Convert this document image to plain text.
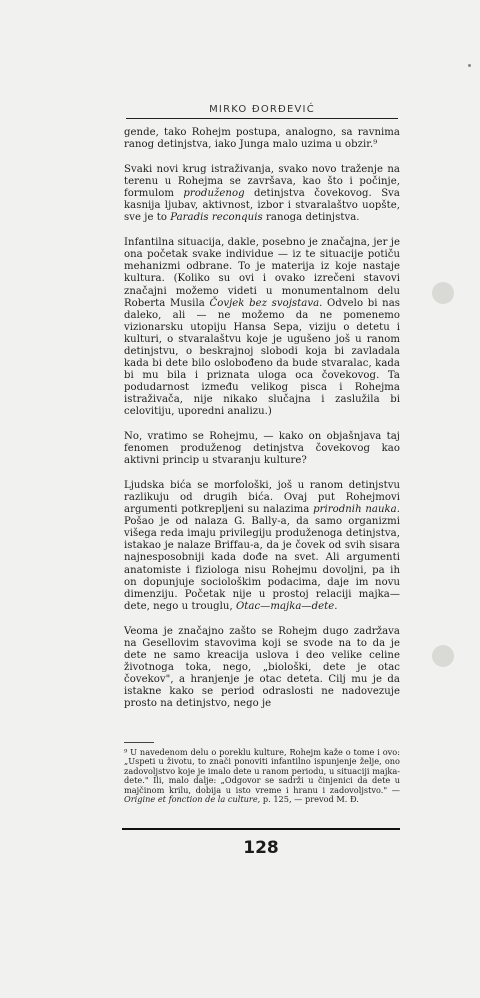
MIRKO ĐORĐEVIĆ

gende, tako Rohejm postupa, analogno, sa ravnima ranog detinjstva, iako Junga malo uzima u obzir.⁹

Svaki novi krug istraživanja, svako novo traženje na terenu u Rohejma se završava, kao što i počinje, formulom produženog detinjstva čovekovog. Sva kasnija ljubav, aktivnost, izbor i stvaralaštvo uopšte, sve je to Paradis reconquis ranoga detinjstva.

Infantilna situacija, dakle, posebno je značajna, jer je ona početak svake individue — iz te situacije potiču mehanizmi odbrane. To je materija iz koje nastaje kultura. (Koliko su ovi i ovako izrečeni stavovi značajni možemo videti u monumentalnom delu Roberta Musila Čovjek bez svojstava. Odvelo bi nas daleko, ali — ne možemo da ne pomenemo vizionarsku utopiju Hansa Sepa, viziju o detetu i kulturi, o stvaralaštvu koje je ugušeno još u ranom detinjstvu, o beskrajnoj slobodi koja bi zavladala kada bi dete bilo oslobođeno da bude stvaralac, kada bi mu bila i priznata uloga oca čovekovog. Ta podudarnost između velikog pisca i Rohejma istraživača, nije nikako slučajna i zaslužila bi celovitiju, uporedni analizu.)

No, vratimo se Rohejmu, — kako on objašnjava taj fenomen produženog detinjstva čovekovog kao aktivni princip u stvaranju kulture?

Ljudska bića se morfološki, još u ranom detinjstvu razlikuju od drugih bića. Ovaj put Rohejmovi argumenti potkrepljeni su nalazima prirodnih nauka. Pošao je od nalaza G. Bally-a, da samo organizmi višega reda imaju privilegiju produženoga detinjstva, istakao je nalaze Briffau-a, da je čovek od svih sisara najnesposobniji kada dođe na svet. Ali argumenti anatomiste i fiziologa nisu Rohejmu dovoljni, pa ih on dopunjuje sociološkim podacima, daje im novu dimenziju. Početak nije u prostoj relaciji majka—dete, nego u trouglu, Otac—majka—dete.

Veoma je značajno zašto se Rohejm dugo zadržava na Gesellovim stavovima koji se svode na to da je dete ne samo kreacija uslova i deo velike celine životnoga toka, nego, „biološki, dete je otac čovekov", a hranjenje je otac deteta. Cilj mu je da istakne kako se period odraslosti ne nadovezuje prosto na detinjstvo, nego je

⁹ U navedenom delu o poreklu kulture, Rohejm kaže o tome i ovo: „Uspeti u životu, to znači ponoviti infantilno ispunjenje želje, ono zadovoljstvo koje je imalo dete u ranom periodu, u situaciji majka-dete." Ili, malo dalje: „Odgovor se sadrži u činjenici da dete u majčinom krilu, dobija u isto vreme i hranu i zadovoljstvo." — Origine et fonction de la culture, p. 125, — prevod M. Đ.
128
